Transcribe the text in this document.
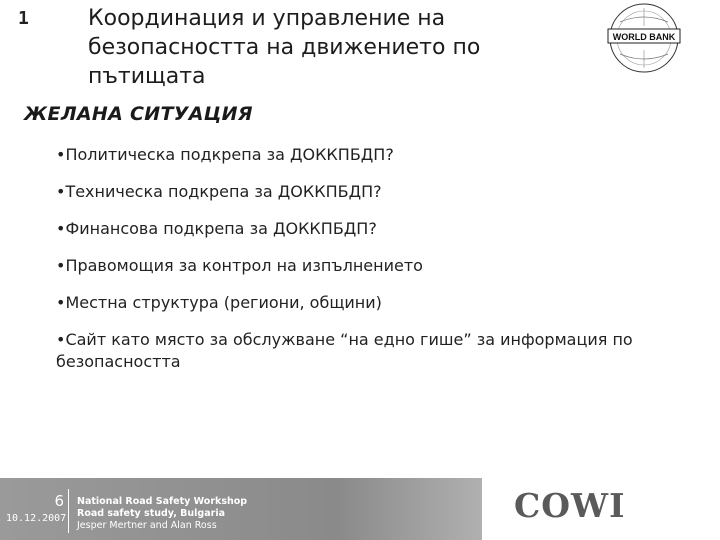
1	Координация и управление на
безопасността на движението по
пътищата
WORLD BANK
ЖЕЛАНА СИТУАЦИЯ
•Политическа подкрепа за ДОККПБДП?
•Техническа подкрепа за ДОККПБДП?
•Финансова подкрепа за ДОККПБДП?
•Правомощия за контрол на изпълнението
•Местна структура (региони, общини)
•Сайт като място за обслужване “на едно гише” за информация по безопасността
6
10.12.2007
National Road Safety Workshop
Road safety study, Bulgaria
Jesper Mertner and Alan Ross
COWI
